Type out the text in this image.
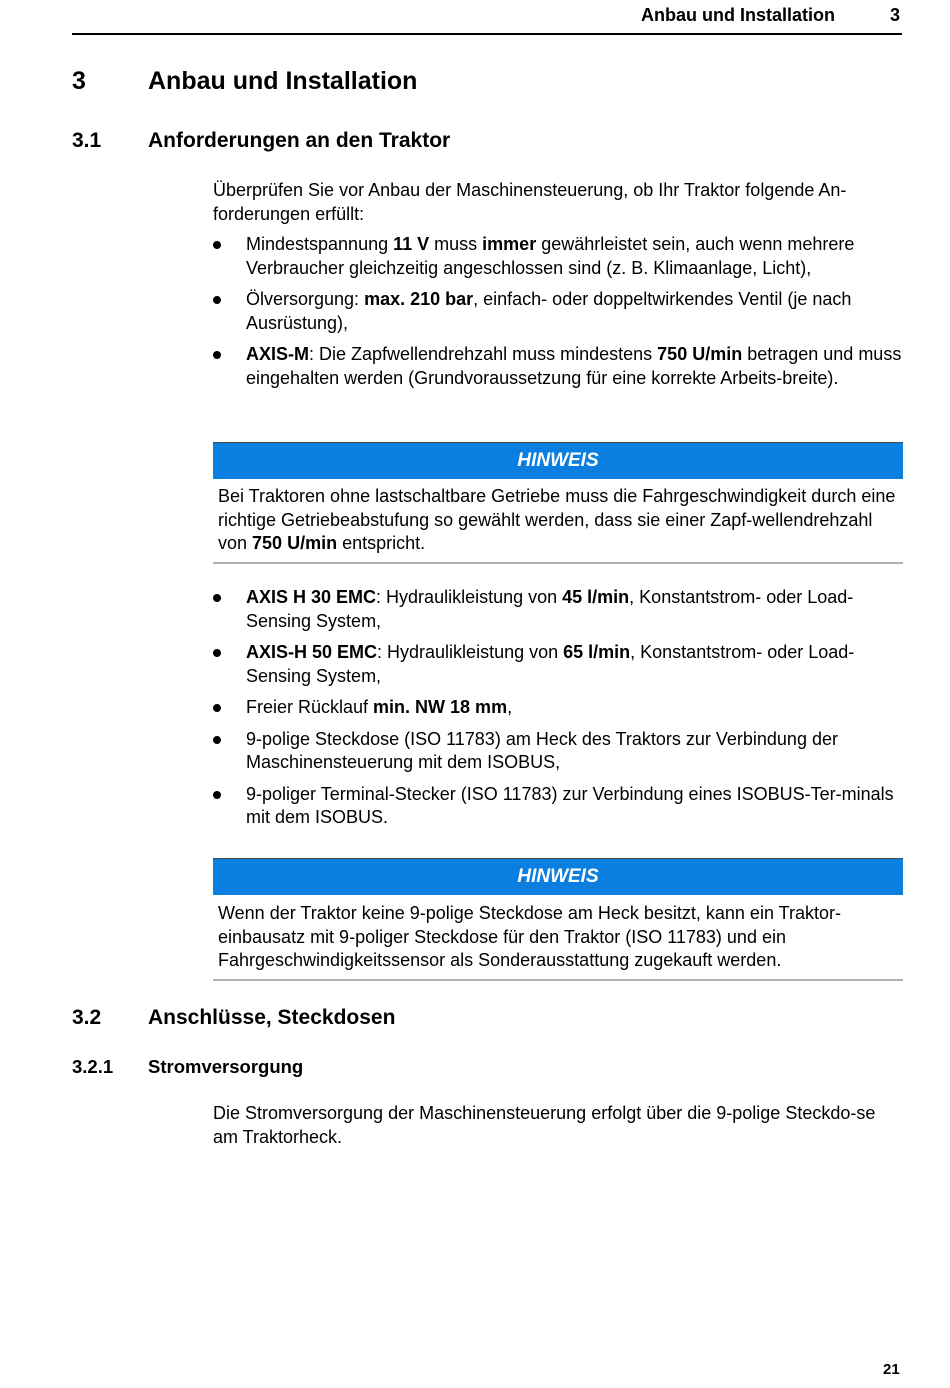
Anbau und Installation	3
3 Anbau und Installation
3.1 Anforderungen an den Traktor
Überprüfen Sie vor Anbau der Maschinensteuerung, ob Ihr Traktor folgende An-forderungen erfüllt:
Mindestspannung 11 V muss immer gewährleistet sein, auch wenn mehrere Verbraucher gleichzeitig angeschlossen sind (z. B. Klimaanlage, Licht),
Ölversorgung: max. 210 bar, einfach- oder doppeltwirkendes Ventil (je nach Ausrüstung),
AXIS-M: Die Zapfwellendrehzahl muss mindestens 750 U/min betragen und muss eingehalten werden (Grundvoraussetzung für eine korrekte Arbeits-breite).
HINWEIS
Bei Traktoren ohne lastschaltbare Getriebe muss die Fahrgeschwindigkeit durch eine richtige Getriebeabstufung so gewählt werden, dass sie einer Zapf-wellendrehzahl von 750 U/min entspricht.
AXIS H 30 EMC: Hydraulikleistung von 45 l/min, Konstantstrom- oder Load-Sensing System,
AXIS-H 50 EMC: Hydraulikleistung von 65 l/min, Konstantstrom- oder Load-Sensing System,
Freier Rücklauf min. NW 18 mm,
9-polige Steckdose (ISO 11783) am Heck des Traktors zur Verbindung der Maschinensteuerung mit dem ISOBUS,
9-poliger Terminal-Stecker (ISO 11783) zur Verbindung eines ISOBUS-Ter-minals mit dem ISOBUS.
HINWEIS
Wenn der Traktor keine 9-polige Steckdose am Heck besitzt, kann ein Traktor-einbausatz mit 9-poliger Steckdose für den Traktor (ISO 11783) und ein Fahrgeschwindigkeitssensor als Sonderausstattung zugekauft werden.
3.2 Anschlüsse, Steckdosen
3.2.1 Stromversorgung
Die Stromversorgung der Maschinensteuerung erfolgt über die 9-polige Steckdo-se am Traktorheck.
21
